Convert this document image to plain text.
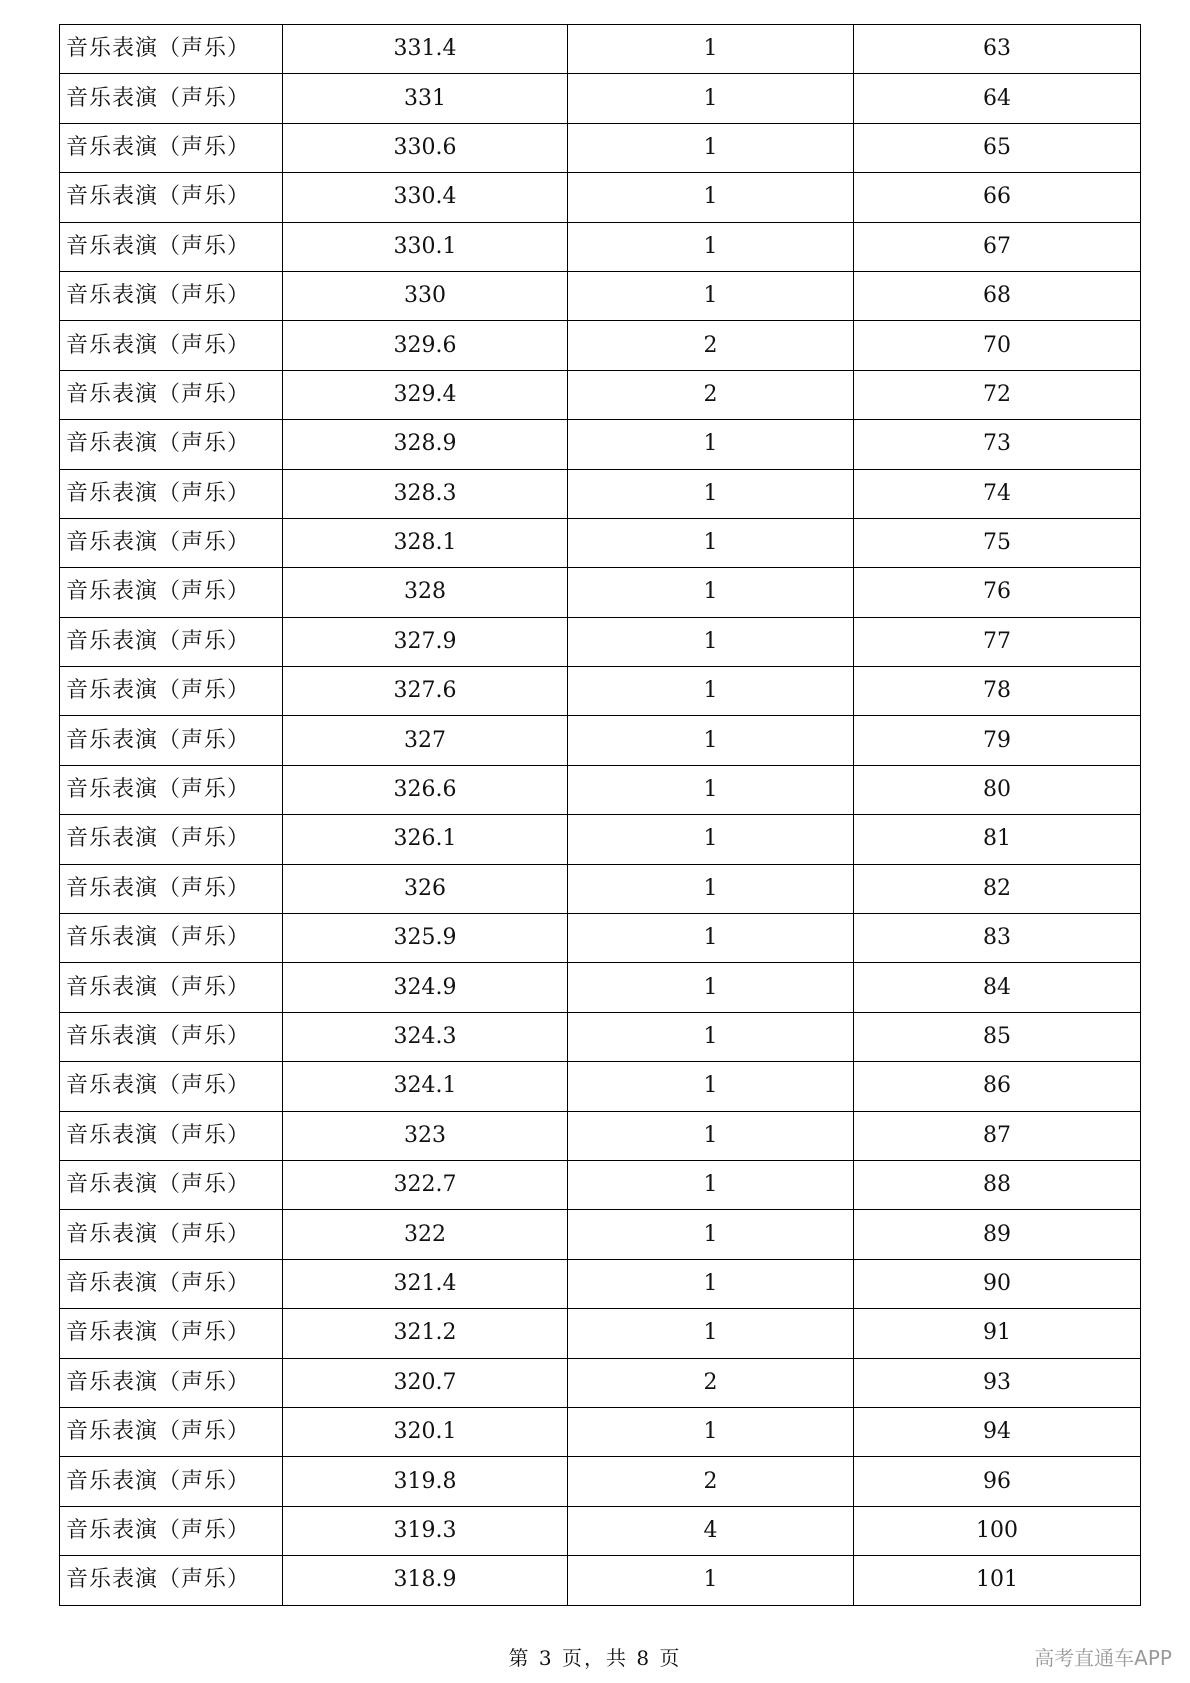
音乐表演（声乐）	331.4	1	63
音乐表演（声乐）	331	1	64
音乐表演（声乐）	330.6	1	65
音乐表演（声乐）	330.4	1	66
音乐表演（声乐）	330.1	1	67
音乐表演（声乐）	330	1	68
音乐表演（声乐）	329.6	2	70
音乐表演（声乐）	329.4	2	72
音乐表演（声乐）	328.9	1	73
音乐表演（声乐）	328.3	1	74
音乐表演（声乐）	328.1	1	75
音乐表演（声乐）	328	1	76
音乐表演（声乐）	327.9	1	77
音乐表演（声乐）	327.6	1	78
音乐表演（声乐）	327	1	79
音乐表演（声乐）	326.6	1	80
音乐表演（声乐）	326.1	1	81
音乐表演（声乐）	326	1	82
音乐表演（声乐）	325.9	1	83
音乐表演（声乐）	324.9	1	84
音乐表演（声乐）	324.3	1	85
音乐表演（声乐）	324.1	1	86
音乐表演（声乐）	323	1	87
音乐表演（声乐）	322.7	1	88
音乐表演（声乐）	322	1	89
音乐表演（声乐）	321.4	1	90
音乐表演（声乐）	321.2	1	91
音乐表演（声乐）	320.7	2	93
音乐表演（声乐）	320.1	1	94
音乐表演（声乐）	319.8	2	96
音乐表演（声乐）	319.3	4	100
音乐表演（声乐）	318.9	1	101
第 3 页，共 8 页	高考直通车APP
